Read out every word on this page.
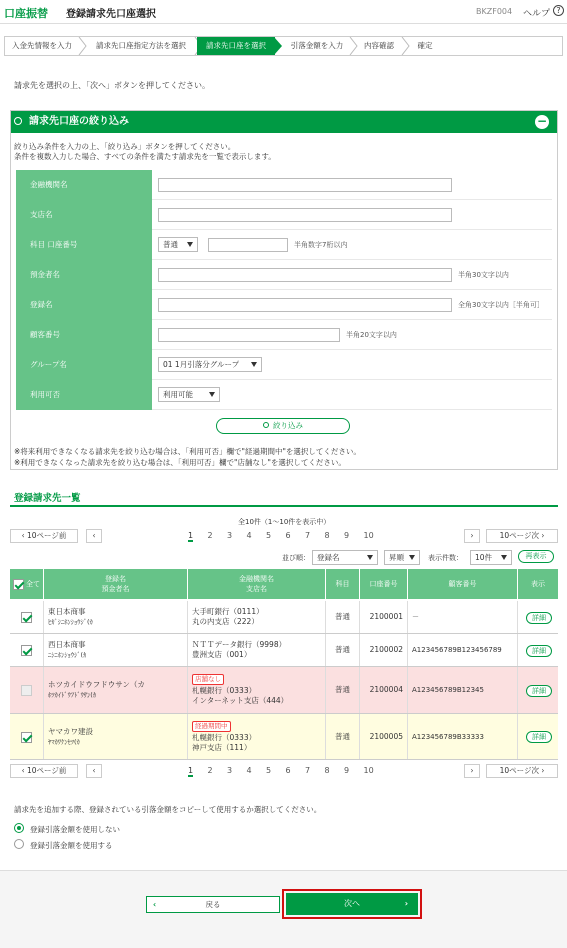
口座振替 登録請求先口座選択	BKZF004 ヘルプ ?
入金先情報を入力	請求先口座指定方法を選択	請求先口座を選択	引落金額を入力	内容確認	確定
請求先を選択の上、「次へ」ボタンを押してください。
請求先口座の絞り込み	−
絞り込み条件を入力の上、「絞り込み」ボタンを押してください。
条件を複数入力した場合、すべての条件を満たす請求先を一覧で表示します。
金融機関名
支店名
科目 口座番号	普通	半角数字7桁以内
預金者名	半角30文字以内
登録名	全角30文字以内［半角可］
顧客番号	半角20文字以内
グループ名	01 1月引落分グループ
利用可否	利用可能
絞り込み
※将来利用できなくなる請求先を絞り込む場合は、「利用可否」欄で"経過期間中"を選択してください。
※利用できなくなった請求先を絞り込む場合は、「利用可否」欄で"店舗なし"を選択してください。
登録請求先一覧
全10件（1〜10件を表示中）
‹ 10ページ前	‹	1 2 3 4 5 6 7 8 9 10	›	10ページ次 ›
並び順： 登録名	昇順	表示件数：	10件	再表示
全て
登録名
預金者名
金融機関名
支店名
科目	口座番号	顧客番号	表示
東日本商事
ﾋｶﾞｼﾆﾎﾝｼｮｳｼﾞ(ｶ
大手町銀行（0111）
丸の内支店（222）
普通	2100001 －	詳細
西日本商事
ﾆｼﾆﾎﾝｼｮｳｼﾞ(ｶ
ＮＴＴデータ銀行（9998）
豊洲支店（001）
普通	2100002 A123456789B123456789	詳細
ホツカイドウフドウサン（カ
ﾎﾂｶｲﾄﾞｳﾌﾄﾞｳｻﾝ(ｶ
店舗なし
札幌銀行（0333）
インターネット支店（444）
普通	2100004 A123456789B12345	詳細
ヤマカワ建設
ﾔﾏｶﾜｹﾝｾﾂ(ｶ
経過期間中
札幌銀行（0333）
神戸支店（111）
普通	2100005 A123456789B33333	詳細
‹ 10ページ前	‹	1 2 3 4 5 6 7 8 9 10	›	10ページ次 ›
請求先を追加する際、登録されている引落金額をコピーして使用するか選択してください。
登録引落金額を使用しない
登録引落金額を使用する
‹	戻る	次へ	›
